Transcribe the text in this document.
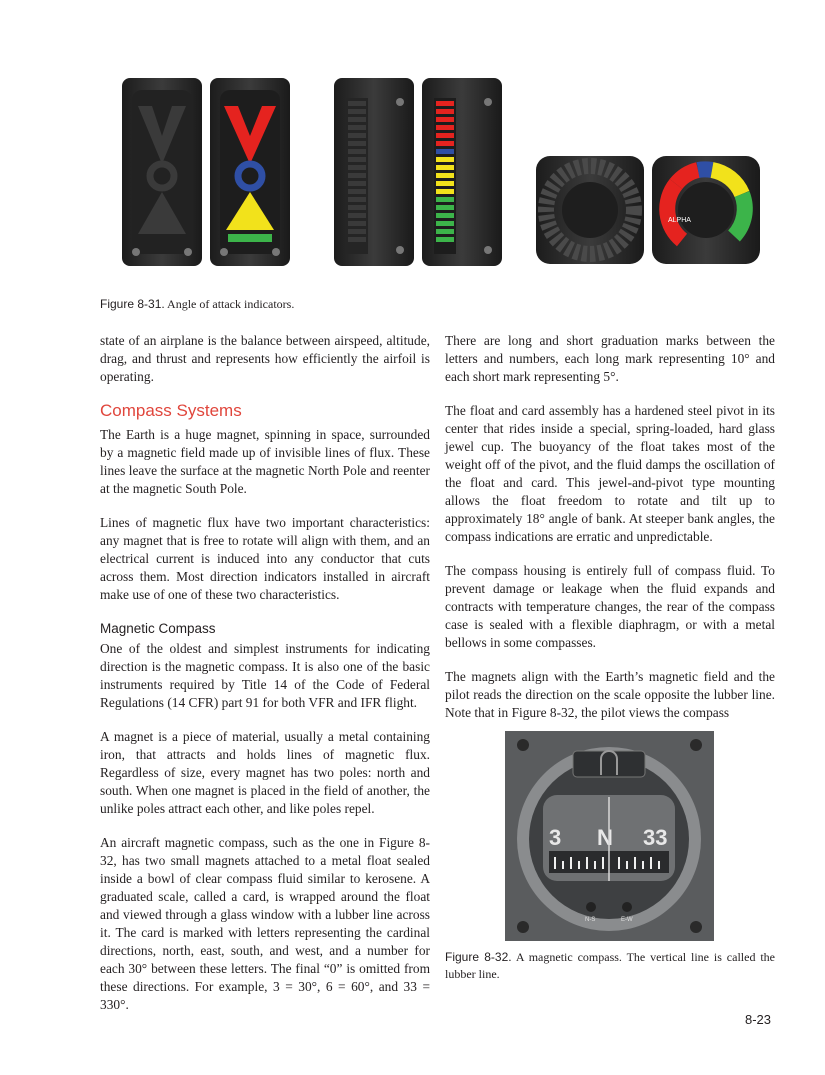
ALPHA
Figure 8-31. Angle of attack indicators.

state of an airplane is the balance between airspeed, altitude, drag, and thrust and represents how efficiently the airfoil is operating.

Compass Systems

The Earth is a huge magnet, spinning in space, surrounded by a magnetic field made up of invisible lines of flux. These lines leave the surface at the magnetic North Pole and reenter at the magnetic South Pole.

Lines of magnetic flux have two important characteristics: any magnet that is free to rotate will align with them, and an electrical current is induced into any conductor that cuts across them. Most direction indicators installed in aircraft make use of one of these two characteristics.

Magnetic Compass

One of the oldest and simplest instruments for indicating direction is the magnetic compass. It is also one of the basic instruments required by Title 14 of the Code of Federal Regulations (14 CFR) part 91 for both VFR and IFR flight.

A magnet is a piece of material, usually a metal containing iron, that attracts and holds lines of magnetic flux. Regardless of size, every magnet has two poles: north and south. When one magnet is placed in the field of another, the unlike poles attract each other, and like poles repel.

An aircraft magnetic compass, such as the one in Figure 8-32, has two small magnets attached to a metal float sealed inside a bowl of clear compass fluid similar to kerosene. A graduated scale, called a card, is wrapped around the float and viewed through a glass window with a lubber line across it. The card is marked with letters representing the cardinal directions, north, east, south, and west, and a number for each 30° between these letters. The final “0” is omitted from these directions. For example, 3 = 30°, 6 = 60°, and 33 = 330°.

There are long and short graduation marks between the letters and numbers, each long mark representing 10° and each short mark representing 5°.

The float and card assembly has a hardened steel pivot in its center that rides inside a special, spring-loaded, hard glass jewel cup. The buoyancy of the float takes most of the weight off of the pivot, and the fluid damps the oscillation of the float and card. This jewel-and-pivot type mounting allows the float freedom to rotate and tilt up to approximately 18° angle of bank. At steeper bank angles, the compass indications are erratic and unpredictable.

The compass housing is entirely full of compass fluid. To prevent damage or leakage when the fluid expands and contracts with temperature changes, the rear of the compass case is sealed with a flexible diaphragm, or with a metal bellows in some compasses.

The magnets align with the Earth’s magnetic field and the pilot reads the direction on the scale opposite the lubber line. Note that in Figure 8-32, the pilot views the compass

3 N 33
N-S	E-W
Figure 8-32. A magnetic compass. The vertical line is called the lubber line.
8-23
